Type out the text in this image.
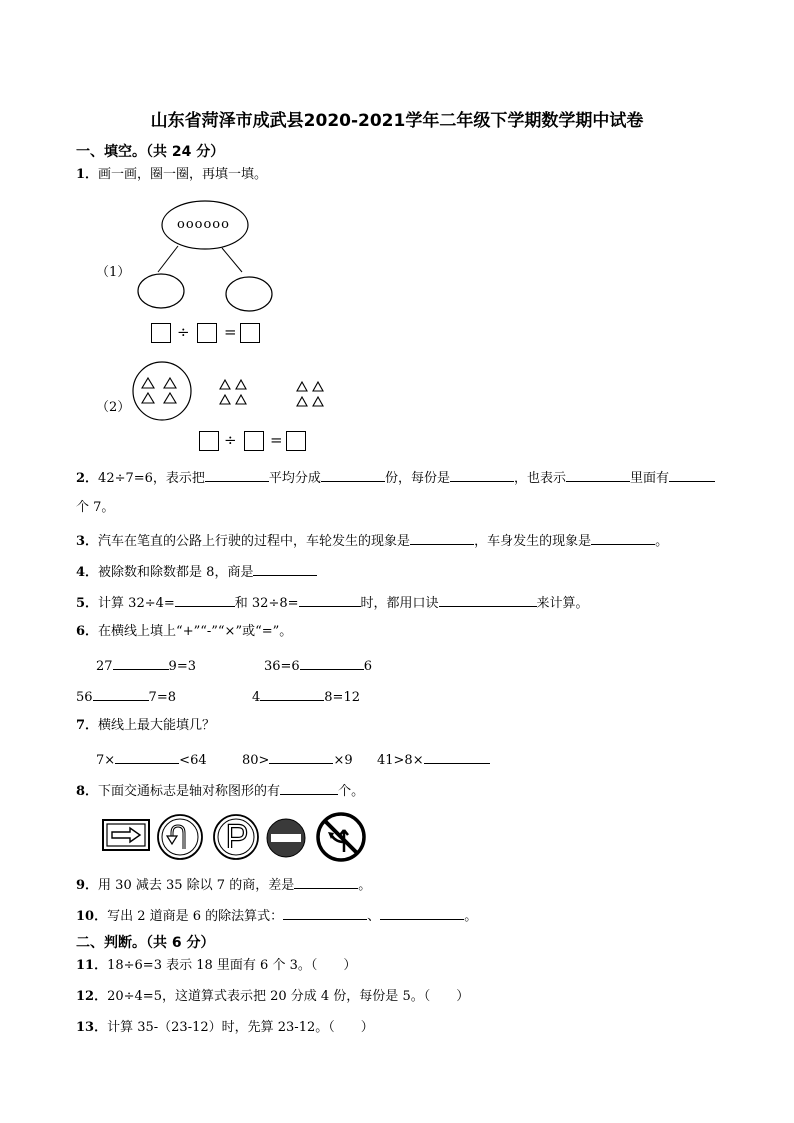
山东省菏泽市成武县2020-2021学年二年级下学期数学期中试卷
一、填空。（共 24 分）
1．画一画，圈一圈，再填一填。
（1）
oooooo
÷ =
（2）
÷ =
2．42÷7=6，表示把	平均分成	份，每份是	，也表示	里面有
个 7。
3．汽车在笔直的公路上行驶的过程中，车轮发生的现象是	，车身发生的现象是	。
4．被除数和除数都是 8，商是
5．计算 32÷4=	和 32÷8=	时，都用口诀	来计算。
6．在横线上填上“+”“-”“×”或“=”。
27	9=3	36=6	6
56	7=8	4	8=12
7．横线上最大能填几？
7×	<64	80>	×9 41>8×
8．下面交通标志是轴对称图形的有	个。
9．用 30 减去 35 除以 7 的商，差是	。
10．写出 2 道商是 6 的除法算式：	、	。
二、判断。（共 6 分）
11．18÷6=3 表示 18 里面有 6 个 3。（　　）
12．20÷4=5，这道算式表示把 20 分成 4 份，每份是 5。（　　）
13．计算 35-（23-12）时，先算 23-12。（　　）
